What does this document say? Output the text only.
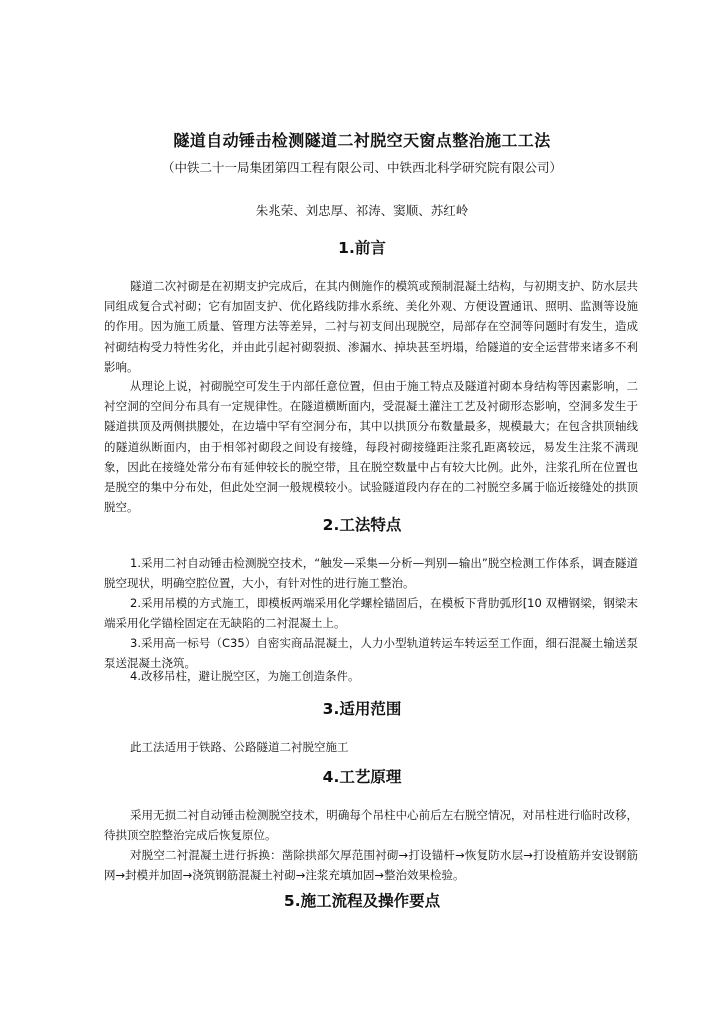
隧道自动锤击检测隧道二衬脱空天窗点整治施工工法
（中铁二十一局集团第四工程有限公司、中铁西北科学研究院有限公司）
朱兆荣、刘忠厚、祁涛、窦顺、苏红岭
1.前言

隧道二次衬砌是在初期支护完成后，在其内侧施作的模筑或预制混凝土结构，与初期支护、防水层共同组成复合式衬砌；它有加固支护、优化路线防排水系统、美化外观、方便设置通讯、照明、监测等设施的作用。因为施工质量、管理方法等差异，二衬与初支间出现脱空，局部存在空洞等问题时有发生，造成衬砌结构受力特性劣化，并由此引起衬砌裂损、渗漏水、掉块甚至坍塌，给隧道的安全运营带来诸多不利影响。

从理论上说，衬砌脱空可发生于内部任意位置，但由于施工特点及隧道衬砌本身结构等因素影响，二衬空洞的空间分布具有一定规律性。在隧道横断面内，受混凝土灌注工艺及衬砌形态影响，空洞多发生于隧道拱顶及两侧拱腰处，在边墙中罕有空洞分布，其中以拱顶分布数量最多，规模最大；在包含拱顶轴线的隧道纵断面内，由于相邻衬砌段之间设有接缝，每段衬砌接缝距注浆孔距离较远，易发生注浆不满现象，因此在接缝处常分布有延伸较长的脱空带，且在脱空数量中占有较大比例。此外，注浆孔所在位置也是脱空的集中分布处，但此处空洞一般规模较小。试验隧道段内存在的二衬脱空多属于临近接缝处的拱顶脱空。

2.工法特点

1.采用二衬自动锤击检测脱空技术，“触发—采集—分析—判别—输出”脱空检测工作体系，调查隧道脱空现状，明确空腔位置，大小，有针对性的进行施工整治。

2.采用吊模的方式施工，即模板两端采用化学螺栓锚固后，在模板下背肋弧形[10 双槽钢梁，钢梁末端采用化学锚栓固定在无缺陷的二衬混凝土上。

3.采用高一标号（C35）自密实商品混凝土，人力小型轨道转运车转运至工作面，细石混凝土输送泵泵送混凝土浇筑。

4.改移吊柱，避让脱空区，为施工创造条件。

3.适用范围

此工法适用于铁路、公路隧道二衬脱空施工

4.工艺原理

采用无损二衬自动锤击检测脱空技术，明确每个吊柱中心前后左右脱空情况，对吊柱进行临时改移，待拱顶空腔整治完成后恢复原位。

对脱空二衬混凝土进行拆换：凿除拱部欠厚范围衬砌→打设锚杆→恢复防水层→打设植筋并安设钢筋网→封模并加固→浇筑钢筋混凝土衬砌→注浆充填加固→整治效果检验。

5.施工流程及操作要点
